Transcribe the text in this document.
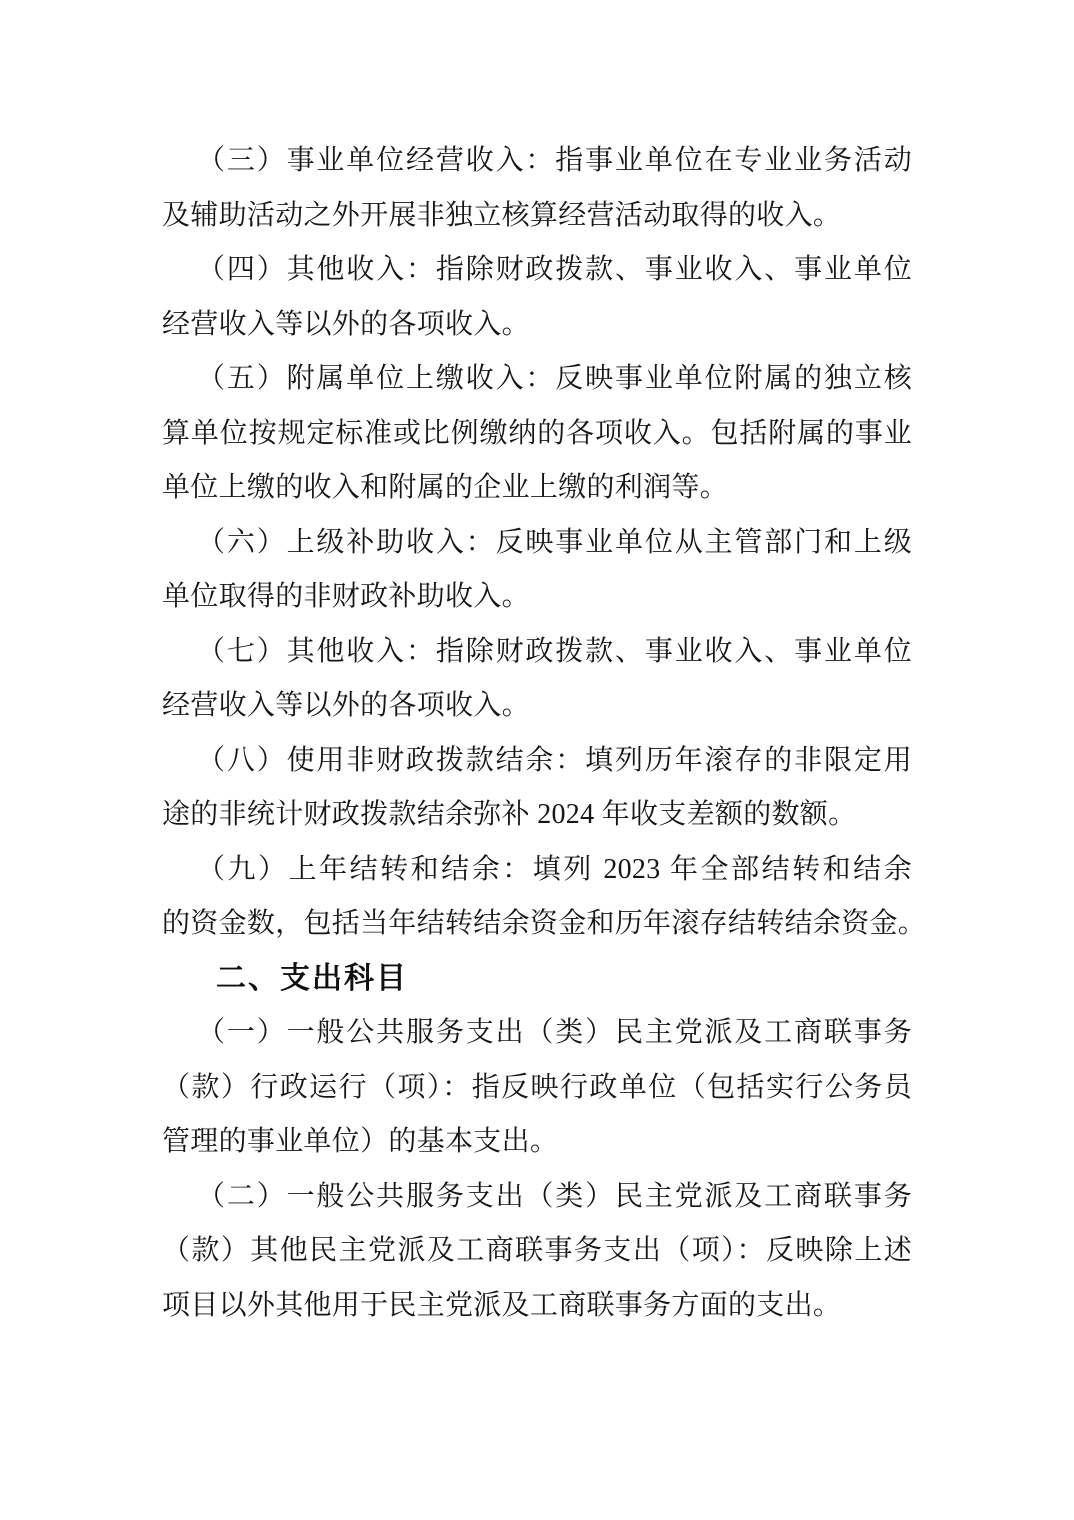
（三）事业单位经营收入：指事业单位在专业业务活动
及辅助活动之外开展非独立核算经营活动取得的收入。
（四）其他收入：指除财政拨款、事业收入、事业单位
经营收入等以外的各项收入。
（五）附属单位上缴收入：反映事业单位附属的独立核
算单位按规定标准或比例缴纳的各项收入。包括附属的事业
单位上缴的收入和附属的企业上缴的利润等。
（六）上级补助收入：反映事业单位从主管部门和上级
单位取得的非财政补助收入。
（七）其他收入：指除财政拨款、事业收入、事业单位
经营收入等以外的各项收入。
（八）使用非财政拨款结余：填列历年滚存的非限定用
途的非统计财政拨款结余弥补 2024 年收支差额的数额。
（九）上年结转和结余：填列 2023 年全部结转和结余
的资金数，包括当年结转结余资金和历年滚存结转结余资金。
二、支出科目
（一）一般公共服务支出（类）民主党派及工商联事务
（款）行政运行（项）：指反映行政单位（包括实行公务员
管理的事业单位）的基本支出。
（二）一般公共服务支出（类）民主党派及工商联事务
（款）其他民主党派及工商联事务支出（项）：反映除上述
项目以外其他用于民主党派及工商联事务方面的支出。
